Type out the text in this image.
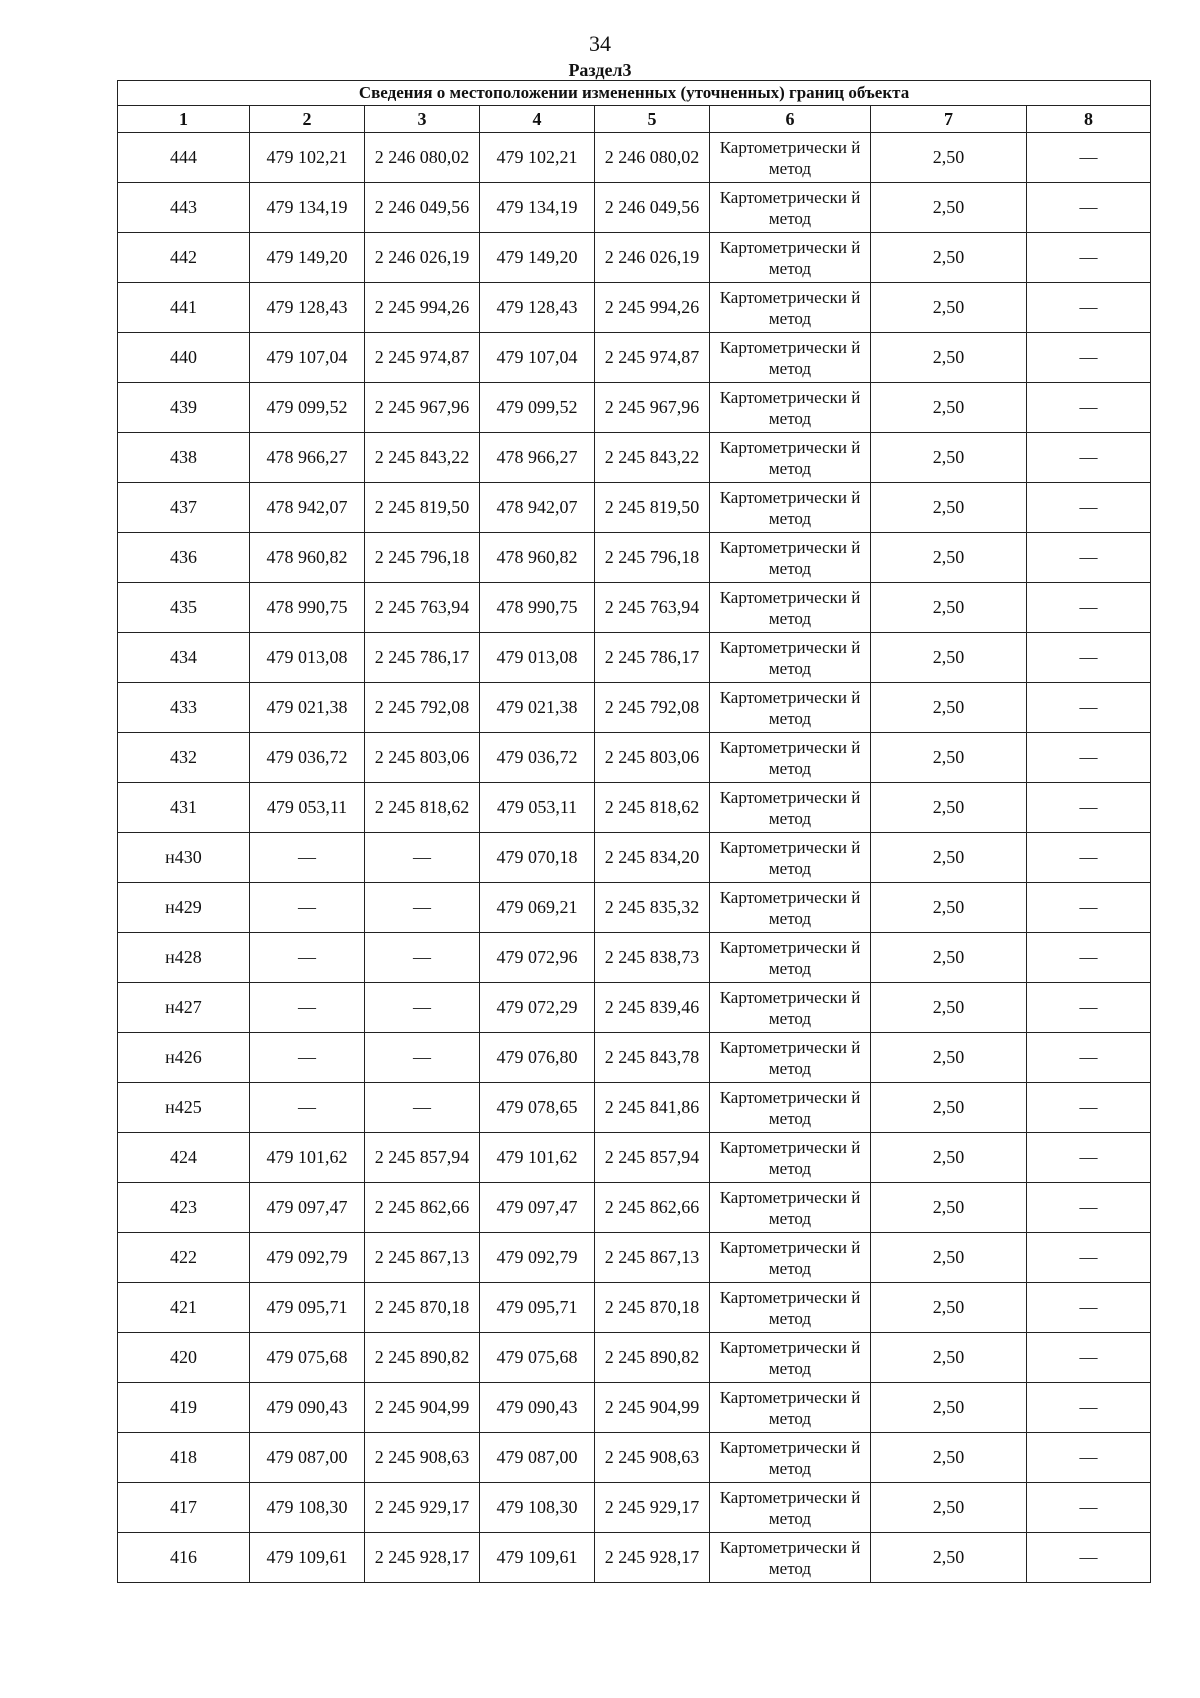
34
Раздел3
Сведения о местоположении измененных (уточненных) границ объекта							
1	2	3	4	5	6	7	8
444	479 102,21	2 246 080,02	479 102,21	2 246 080,02	Картометрически й метод	2,50	—
443	479 134,19	2 246 049,56	479 134,19	2 246 049,56	Картометрически й метод	2,50	—
442	479 149,20	2 246 026,19	479 149,20	2 246 026,19	Картометрически й метод	2,50	—
441	479 128,43	2 245 994,26	479 128,43	2 245 994,26	Картометрически й метод	2,50	—
440	479 107,04	2 245 974,87	479 107,04	2 245 974,87	Картометрически й метод	2,50	—
439	479 099,52	2 245 967,96	479 099,52	2 245 967,96	Картометрически й метод	2,50	—
438	478 966,27	2 245 843,22	478 966,27	2 245 843,22	Картометрически й метод	2,50	—
437	478 942,07	2 245 819,50	478 942,07	2 245 819,50	Картометрически й метод	2,50	—
436	478 960,82	2 245 796,18	478 960,82	2 245 796,18	Картометрически й метод	2,50	—
435	478 990,75	2 245 763,94	478 990,75	2 245 763,94	Картометрически й метод	2,50	—
434	479 013,08	2 245 786,17	479 013,08	2 245 786,17	Картометрически й метод	2,50	—
433	479 021,38	2 245 792,08	479 021,38	2 245 792,08	Картометрически й метод	2,50	—
432	479 036,72	2 245 803,06	479 036,72	2 245 803,06	Картометрически й метод	2,50	—
431	479 053,11	2 245 818,62	479 053,11	2 245 818,62	Картометрически й метод	2,50	—
н430	—	—	479 070,18	2 245 834,20	Картометрически й метод	2,50	—
н429	—	—	479 069,21	2 245 835,32	Картометрически й метод	2,50	—
н428	—	—	479 072,96	2 245 838,73	Картометрически й метод	2,50	—
н427	—	—	479 072,29	2 245 839,46	Картометрически й метод	2,50	—
н426	—	—	479 076,80	2 245 843,78	Картометрически й метод	2,50	—
н425	—	—	479 078,65	2 245 841,86	Картометрически й метод	2,50	—
424	479 101,62	2 245 857,94	479 101,62	2 245 857,94	Картометрически й метод	2,50	—
423	479 097,47	2 245 862,66	479 097,47	2 245 862,66	Картометрически й метод	2,50	—
422	479 092,79	2 245 867,13	479 092,79	2 245 867,13	Картометрически й метод	2,50	—
421	479 095,71	2 245 870,18	479 095,71	2 245 870,18	Картометрически й метод	2,50	—
420	479 075,68	2 245 890,82	479 075,68	2 245 890,82	Картометрически й метод	2,50	—
419	479 090,43	2 245 904,99	479 090,43	2 245 904,99	Картометрически й метод	2,50	—
418	479 087,00	2 245 908,63	479 087,00	2 245 908,63	Картометрически й метод	2,50	—
417	479 108,30	2 245 929,17	479 108,30	2 245 929,17	Картометрически й метод	2,50	—
416	479 109,61	2 245 928,17	479 109,61	2 245 928,17	Картометрически й метод	2,50	—
